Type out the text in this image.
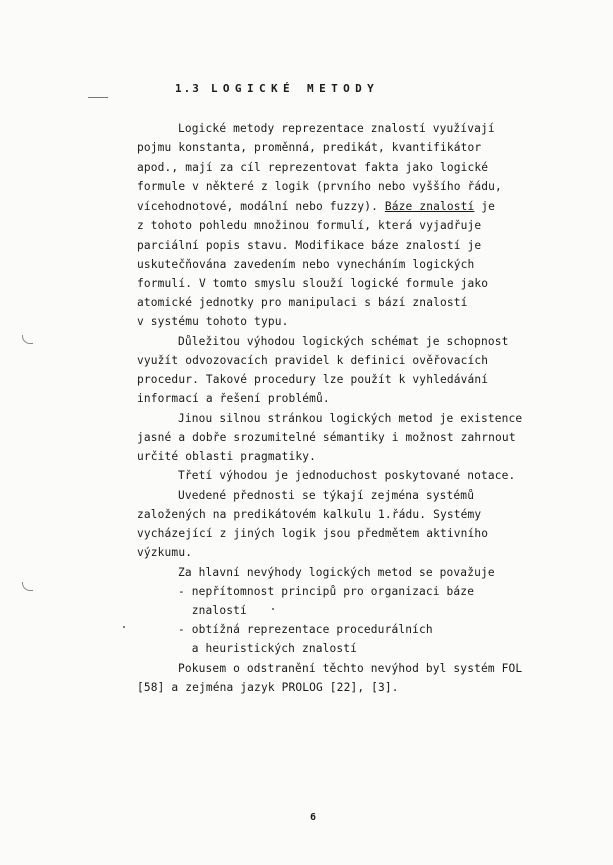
1.3 LOGICKÉ METODY
Logické metody reprezentace znalostí využívají
pojmu konstanta, proměnná, predikát, kvantifikátor
apod., mají za cíl reprezentovat fakta jako logické
formule v některé z logik (prvního nebo vyššího řádu,
vícehodnotové, modální nebo fuzzy). Báze znalostí je
z tohoto pohledu množinou formulí, která vyjadřuje
parciální popis stavu. Modifikace báze znalostí je
uskutečňována zavedením nebo vynecháním logických
formulí. V tomto smyslu slouží logické formule jako
atomické jednotky pro manipulaci s bází znalostí
v systému tohoto typu.
Důležitou výhodou logických schémat je schopnost
využít odvozovacích pravidel k definici ověřovacích
procedur. Takové procedury lze použít k vyhledávání
informací a řešení problémů.
Jinou silnou stránkou logických metod je existence
jasné a dobře srozumitelné sémantiky i možnost zahrnout
určité oblasti pragmatiky.
Třetí výhodou je jednoduchost poskytované notace.
Uvedené přednosti se týkají zejména systémů
založených na predikátovém kalkulu 1.řádu. Systémy
vycházející z jiných logik jsou předmětem aktivního
výzkumu.
Za hlavní nevýhody logických metod se považuje
- nepřítomnost principů pro organizaci báze
znalostí
- obtížná reprezentace procedurálních
a heuristických znalostí
Pokusem o odstranění těchto nevýhod byl systém FOL
[58] a zejména jazyk PROLOG [22], [3].
6
